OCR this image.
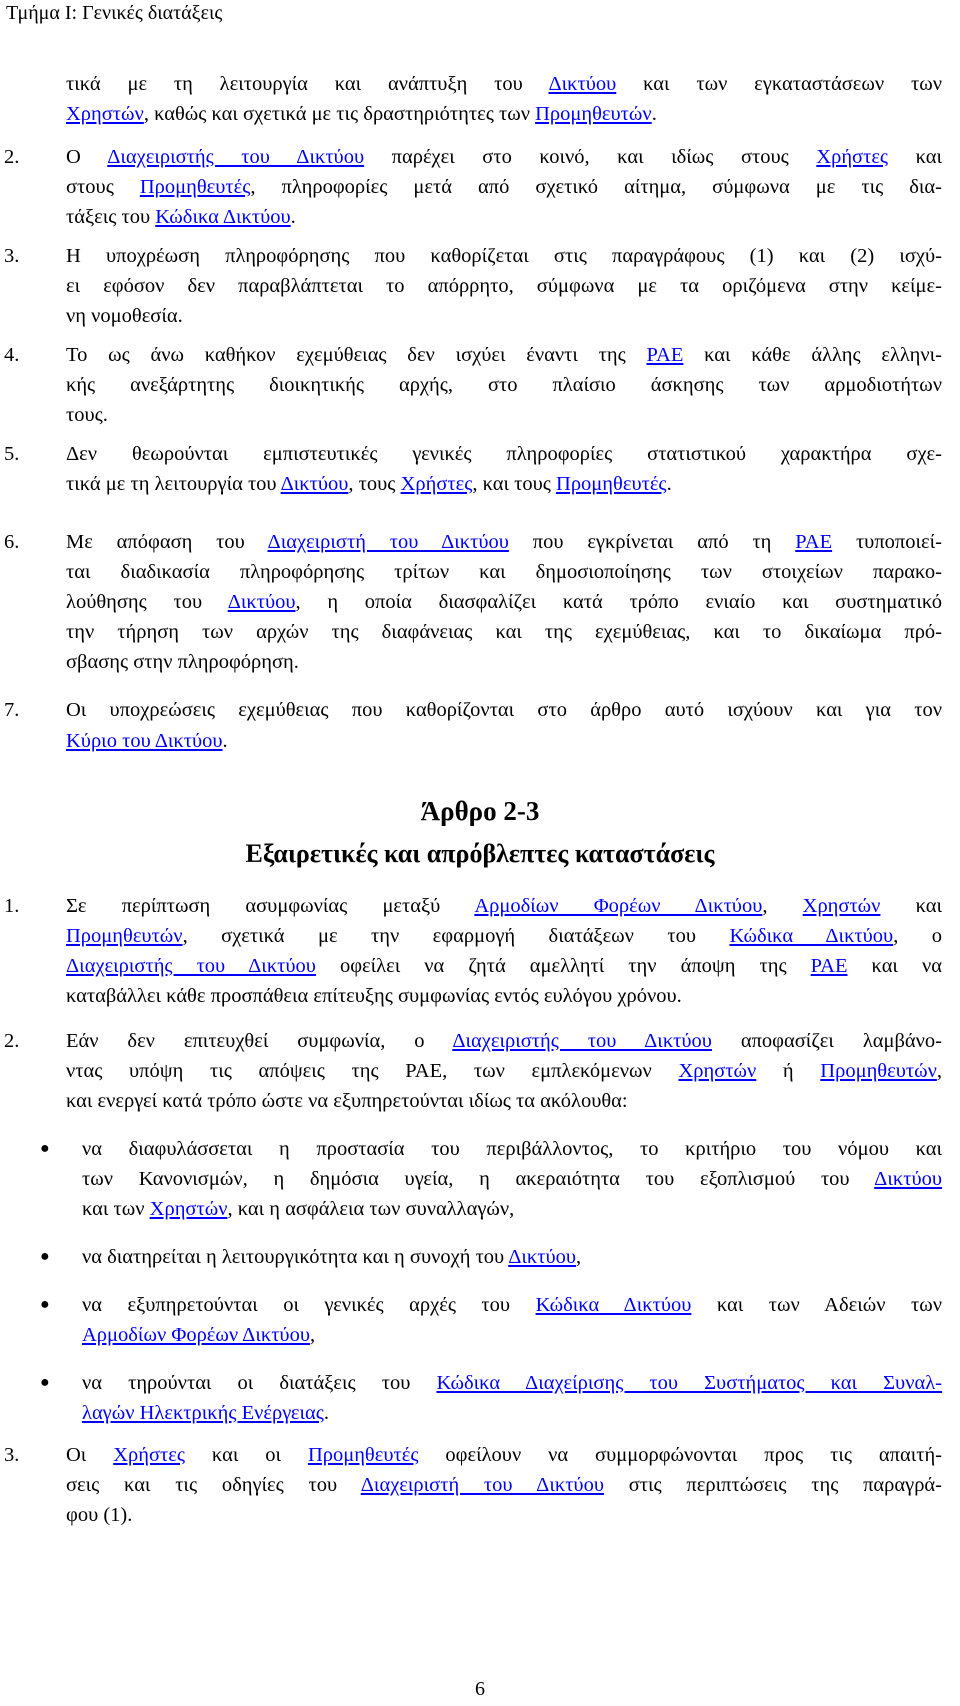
Τμήμα Ι: Γενικές διατάξεις
τικά με τη λειτουργία και ανάπτυξη του Δικτύου και των εγκαταστάσεων των
Χρηστών, καθώς και σχετικά με τις δραστηριότητες των Προμηθευτών.
2.	Ο Διαχειριστής του Δικτύου παρέχει στο κοινό, και ιδίως στους Χρήστες και
στους Προμηθευτές, πληροφορίες μετά από σχετικό αίτημα, σύμφωνα με τις δια-
τάξεις του Κώδικα Δικτύου.
3.	Η υποχρέωση πληροφόρησης που καθορίζεται στις παραγράφους (1) και (2) ισχύ-
ει εφόσον δεν παραβλάπτεται το απόρρητο, σύμφωνα με τα οριζόμενα στην κείμε-
νη νομοθεσία.
4.	Το ως άνω καθήκον εχεμύθειας δεν ισχύει έναντι της ΡΑΕ και κάθε άλλης ελληνι-
κής ανεξάρτητης διοικητικής αρχής, στο πλαίσιο άσκησης των αρμοδιοτήτων
τους.
5.	Δεν θεωρούνται εμπιστευτικές γενικές πληροφορίες στατιστικού χαρακτήρα σχε-
τικά με τη λειτουργία του Δικτύου, τους Χρήστες, και τους Προμηθευτές.
6.	Με απόφαση του Διαχειριστή του Δικτύου που εγκρίνεται από τη ΡΑΕ τυποποιεί-
ται διαδικασία πληροφόρησης τρίτων και δημοσιοποίησης των στοιχείων παρακο-
λούθησης του Δικτύου, η οποία διασφαλίζει κατά τρόπο ενιαίο και συστηματικό
την τήρηση των αρχών της διαφάνειας και της εχεμύθειας, και το δικαίωμα πρό-
σβασης στην πληροφόρηση.
7.	Οι υποχρεώσεις εχεμύθειας που καθορίζονται στο άρθρο αυτό ισχύουν και για τον
Κύριο του Δικτύου.
Άρθρο 2-3
Εξαιρετικές και απρόβλεπτες καταστάσεις
1.	Σε περίπτωση ασυμφωνίας μεταξύ Αρμοδίων Φορέων Δικτύου, Χρηστών και
Προμηθευτών, σχετικά με την εφαρμογή διατάξεων του Κώδικα Δικτύου, ο
Διαχειριστής του Δικτύου οφείλει να ζητά αμελλητί την άποψη της ΡΑΕ και να
καταβάλλει κάθε προσπάθεια επίτευξης συμφωνίας εντός ευλόγου χρόνου.
2.	Εάν δεν επιτευχθεί συμφωνία, ο Διαχειριστής του Δικτύου αποφασίζει λαμβάνο-
ντας υπόψη τις απόψεις της ΡΑΕ, των εμπλεκόμενων Χρηστών ή Προμηθευτών,
και ενεργεί κατά τρόπο ώστε να εξυπηρετούνται ιδίως τα ακόλουθα:
● να διαφυλάσσεται η προστασία του περιβάλλοντος, το κριτήριο του νόμου και
των Κανονισμών, η δημόσια υγεία, η ακεραιότητα του εξοπλισμού του Δικτύου
και των Χρηστών, και η ασφάλεια των συναλλαγών,
● να διατηρείται η λειτουργικότητα και η συνοχή του Δικτύου,
● να εξυπηρετούνται οι γενικές αρχές του Κώδικα Δικτύου και των Αδειών των
Αρμοδίων Φορέων Δικτύου,
● να τηρούνται οι διατάξεις του Κώδικα Διαχείρισης του Συστήματος και Συναλ-
λαγών Ηλεκτρικής Ενέργειας.
3.	Οι Χρήστες και οι Προμηθευτές οφείλουν να συμμορφώνονται προς τις απαιτή-
σεις και τις οδηγίες του Διαχειριστή του Δικτύου στις περιπτώσεις της παραγρά-
φου (1).
6
